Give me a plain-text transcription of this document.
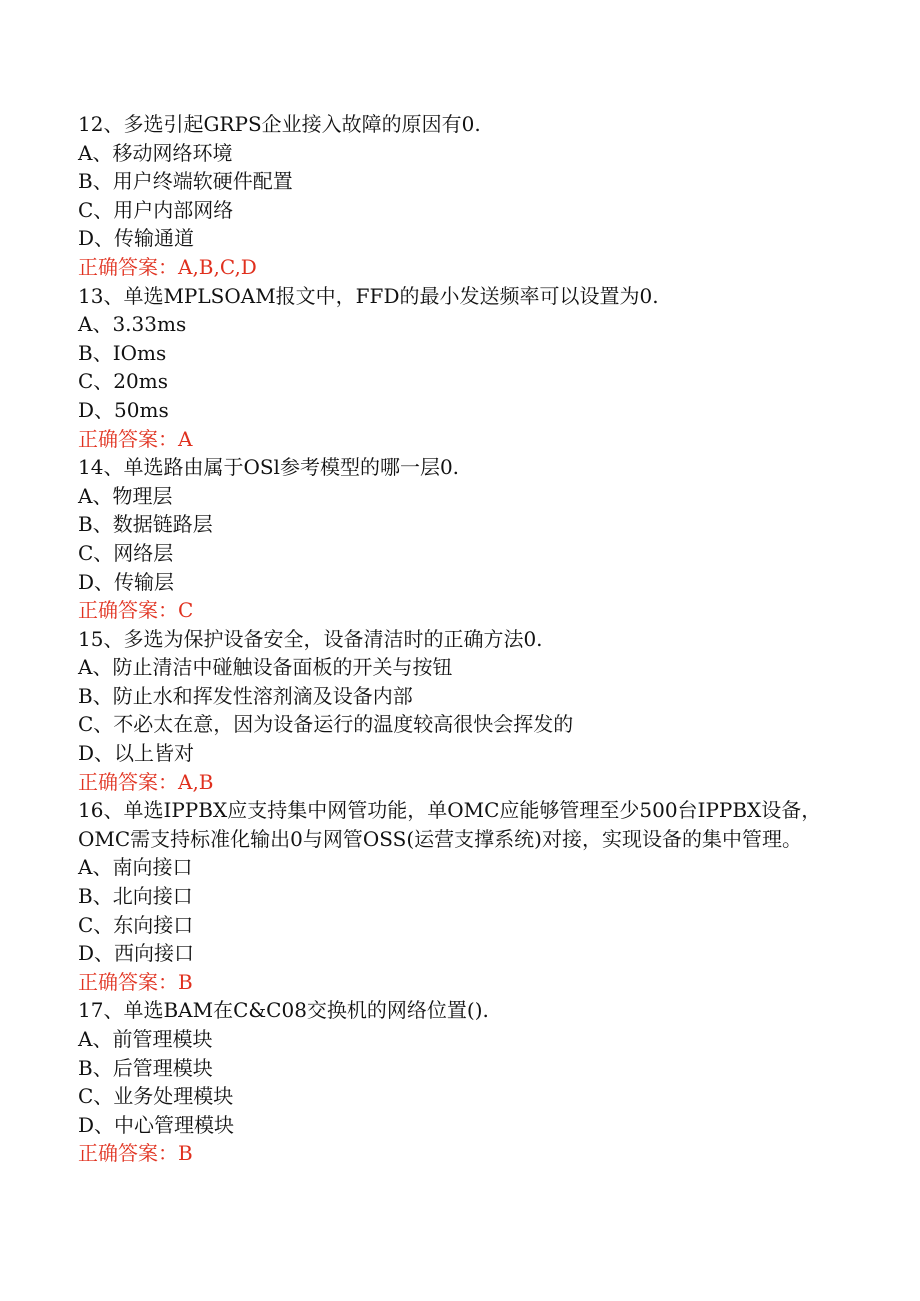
12、多选引起GRPS企业接入故障的原因有0.
A、移动网络环境
B、用户终端软硬件配置
C、用户内部网络
D、传输通道
正确答案：A,B,C,D
13、单选MPLSOAM报文中，FFD的最小发送频率可以设置为0.
A、3.33ms
B、IOms
C、20ms
D、50ms
正确答案：A
14、单选路由属于OSl参考模型的哪一层0.
A、物理层
B、数据链路层
C、网络层
D、传输层
正确答案：C
15、多选为保护设备安全，设备清洁时的正确方法0.
A、防止清洁中碰触设备面板的开关与按钮
B、防止水和挥发性溶剂滴及设备内部
C、不必太在意，因为设备运行的温度较高很快会挥发的
D、以上皆对
正确答案：A,B
16、单选IPPBX应支持集中网管功能，单OMC应能够管理至少500台IPPBX设备，OMC需支持标准化输出0与网管OSS(运营支撑系统)对接，实现设备的集中管理。
A、南向接口
B、北向接口
C、东向接口
D、西向接口
正确答案：B
17、单选BAM在C&C08交换机的网络位置().
A、前管理模块
B、后管理模块
C、业务处理模块
D、中心管理模块
正确答案：B
